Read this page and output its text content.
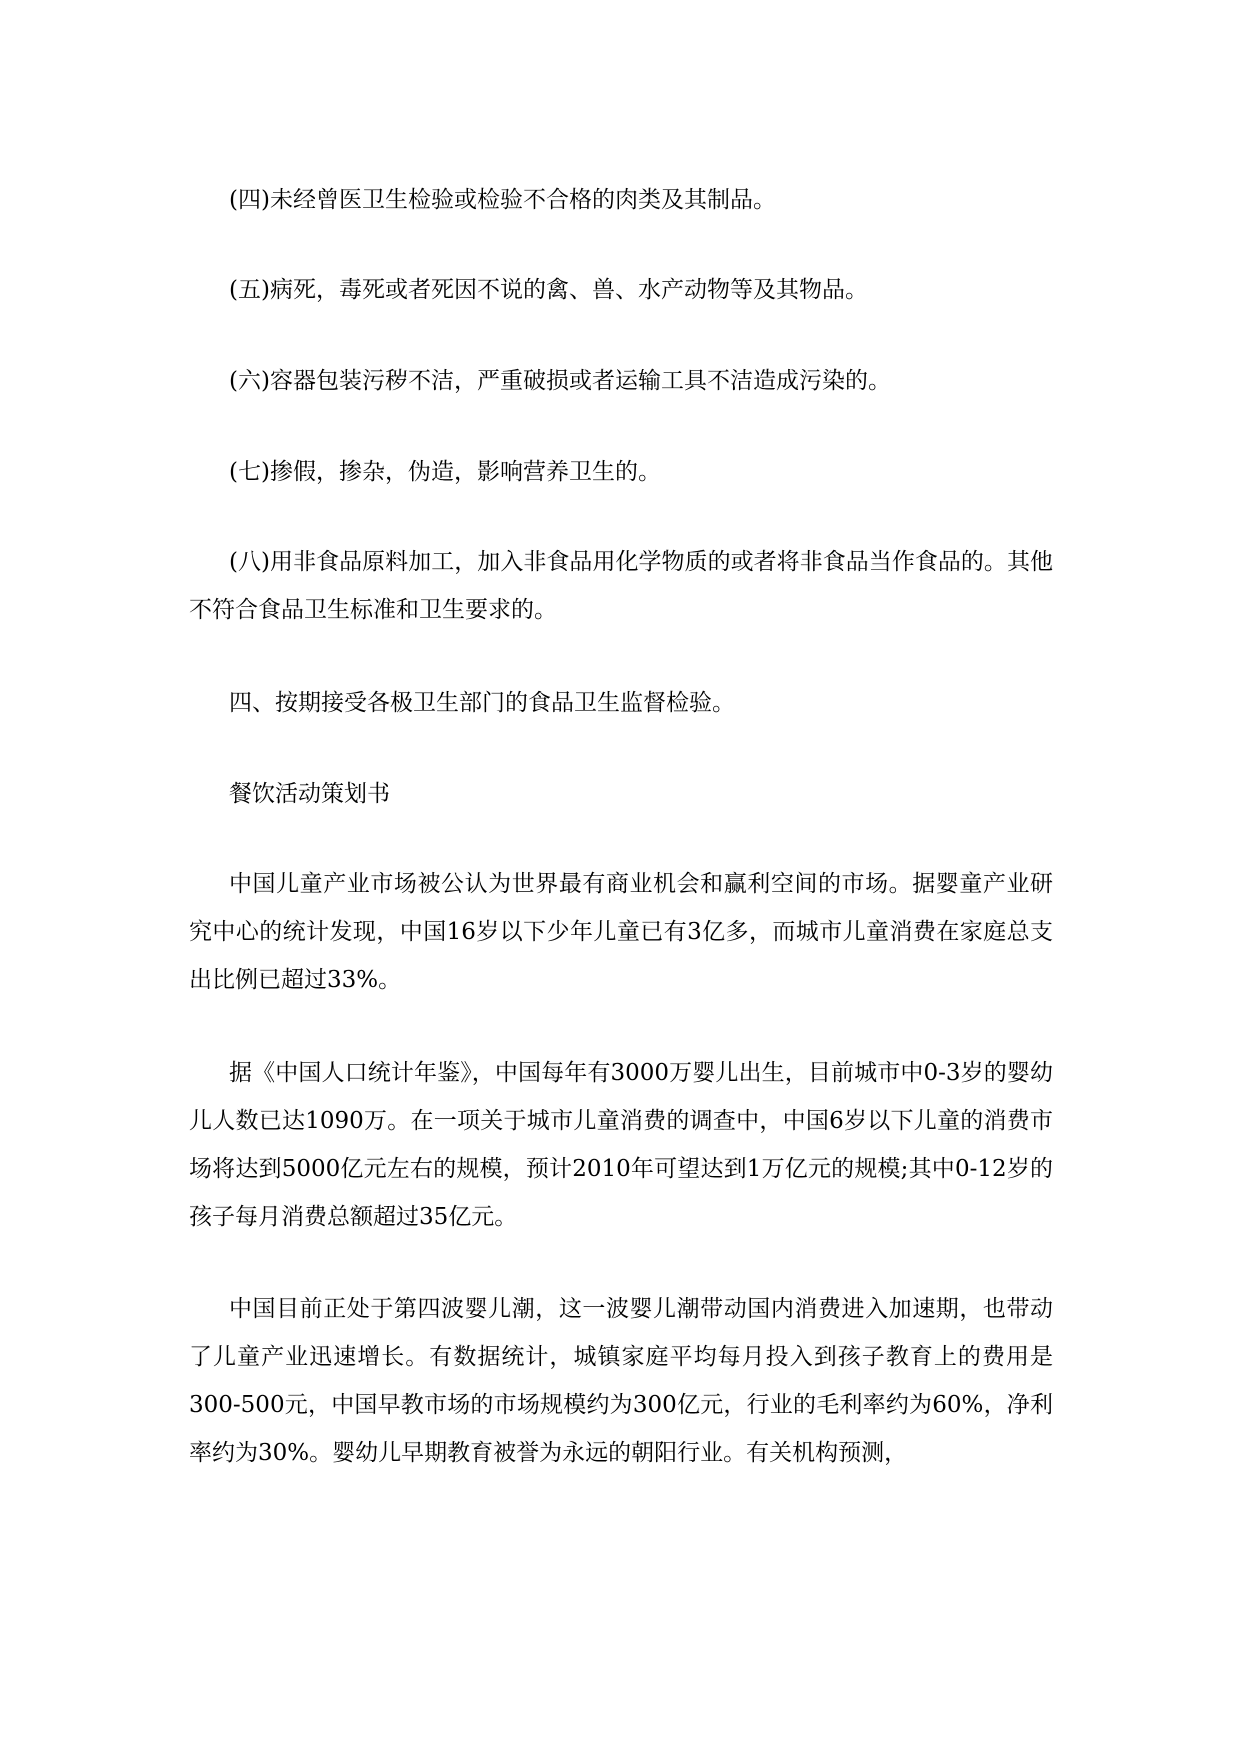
(四)未经曾医卫生检验或检验不合格的肉类及其制品。

(五)病死，毒死或者死因不说的禽、兽、水产动物等及其物品。

(六)容器包装污秽不洁，严重破损或者运输工具不洁造成污染的。

(七)掺假，掺杂，伪造，影响营养卫生的。

(八)用非食品原料加工，加入非食品用化学物质的或者将非食品当作食品的。其他不符合食品卫生标准和卫生要求的。

四、按期接受各极卫生部门的食品卫生监督检验。

餐饮活动策划书

中国儿童产业市场被公认为世界最有商业机会和赢利空间的市场。据婴童产业研究中心的统计发现，中国16岁以下少年儿童已有3亿多，而城市儿童消费在家庭总支出比例已超过33%。

据《中国人口统计年鉴》，中国每年有3000万婴儿出生，目前城市中0-3岁的婴幼儿人数已达1090万。在一项关于城市儿童消费的调查中，中国6岁以下儿童的消费市场将达到5000亿元左右的规模，预计2010年可望达到1万亿元的规模;其中0-12岁的孩子每月消费总额超过35亿元。

中国目前正处于第四波婴儿潮，这一波婴儿潮带动国内消费进入加速期，也带动了儿童产业迅速增长。有数据统计，城镇家庭平均每月投入到孩子教育上的费用是300-500元，中国早教市场的市场规模约为300亿元，行业的毛利率约为60%，净利率约为30%。婴幼儿早期教育被誉为永远的朝阳行业。有关机构预测，
